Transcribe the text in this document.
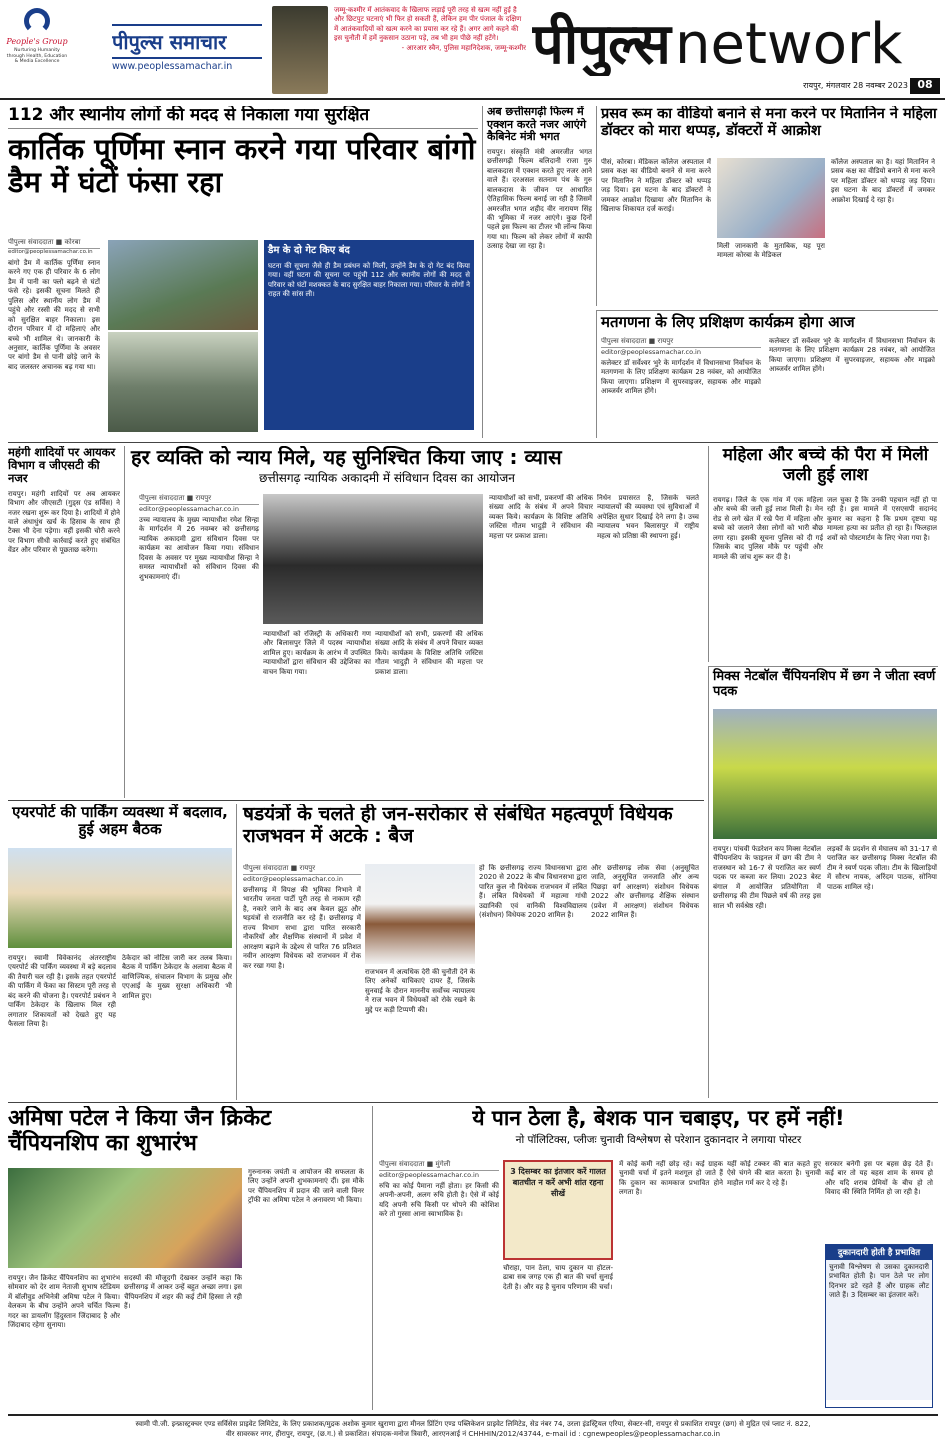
People's Group
Nurturing Humanity through Health, Education & Media Excellence
पीपुल्स समाचार
www.peoplessamachar.in
जम्मू-कश्मीर में आतंकवाद के खिलाफ लड़ाई पूरी तरह से खत्म नहीं हुई है और छिटपुट घटनाएं भी फिर हो सकती हैं, लेकिन हम पीर पंजाल के दक्षिण में आतंकवादियों को खत्म करने का प्रयास कर रहे हैं। अगर आगे कहने की इस चुनौती में हमें नुकसान उठाना पड़े, तब भी हम पीछे नहीं हटेंगे।
- आरआर स्वैन, पुलिस महानिदेशक, जम्मू-कश्मीर पीपुल्स network
रायपुर, मंगलवार 28 नवम्बर 2023 08
112 और स्थानीय लोगों की मदद से निकाला गया सुरक्षित
कार्तिक पूर्णिमा स्नान करने गया परिवार बांगो डैम में घंटों फंसा रहा
पीपुल्स संवाददाता ■ कोरबा
editor@peoplessamachar.co.in
बांगो डैम में कार्तिक पूर्णिमा स्नान करने गए एक ही परिवार के 6 लोग डैम में पानी का फ्लो बढ़ने से घंटों फंसे रहे। इसकी सूचना मिलते ही पुलिस और स्थानीय लोग डैम में पहुंचे और रस्सी की मदद से सभी को सुरक्षित बाहर निकाला। इस दौरान परिवार में दो महिलाएं और बच्चे भी शामिल थे। जानकारी के अनुसार, कार्तिक पूर्णिमा के अवसर पर बांगो डैम से पानी छोड़े जाने के बाद जलस्तर अचानक बढ़ गया था।
डैम के दो गेट किए बंद
घटना की सूचना जैसे ही डैम प्रबंधन को मिली, उन्होंने डैम के दो गेट बंद किया गया। वहीं घटना की सूचना पर पहुंची 112 और स्थानीय लोगों की मदद से परिवार को घंटों मशक्कत के बाद सुरक्षित बाहर निकाला गया। परिवार के लोगों ने राहत की सांस ली।
अब छत्तीसगढ़ी फिल्म में एक्शन करते नजर आएंगे कैबिनेट मंत्री भगत
रायपुर। संस्कृति मंत्री अमरजीत भगत छत्तीसगढ़ी फिल्म बलिदानी राजा गुरु बालकदास में एक्शन करते हुए नजर आने वाले हैं। दरअसल सतनाम पंथ के गुरु बालकदास के जीवन पर आधारित ऐतिहासिक फिल्म बनाई जा रही है जिसमें अमरजीत भगत शहीद वीर नारायण सिंह की भूमिका में नजर आएंगे। कुछ दिनों पहले इस फिल्म का टीजर भी लॉन्च किया गया था। फिल्म को लेकर लोगों में काफी उत्साह देखा जा रहा है।
प्रसव रूम का वीडियो बनाने से मना करने पर मितानिन ने महिला डॉक्टर को मारा थप्पड़, डॉक्टरों में आक्रोश
पीसं, कोरबा। मेडिकल कॉलेज अस्पताल में प्रसव कक्ष का वीडियो बनाने से मना करने पर मितानिन ने महिला डॉक्टर को थप्पड़ जड़ दिया। इस घटना के बाद डॉक्टरों ने जमकर आक्रोश दिखाया और मितानिन के खिलाफ शिकायत दर्ज कराई।
मिली जानकारी के मुताबिक, यह पूरा मामला कोरबा के मेडिकल
कॉलेज अस्पताल का है। यहां मितानिन ने प्रसव कक्ष का वीडियो बनाने से मना करने पर महिला डॉक्टर को थप्पड़ जड़ दिया। इस घटना के बाद डॉक्टरों में जमकर आक्रोश दिखाई दे रहा है।
मतगणना के लिए प्रशिक्षण कार्यक्रम होगा आज
पीपुल्स संवाददाता ■ रायपुर
editor@peoplessamachar.co.in
कलेक्टर डॉ सर्वेश्वर भुरे के मार्गदर्शन में विधानसभा निर्वाचन के मतगणना के लिए प्रशिक्षण कार्यक्रम 28 नवंबर, को आयोजित किया जाएगा। प्रशिक्षण में सुपरवाइजर, सहायक और माइक्रो आब्जर्वर शामिल होंगे।
कलेक्टर डॉ सर्वेश्वर भुरे के मार्गदर्शन में विधानसभा निर्वाचन के मतगणना के लिए प्रशिक्षण कार्यक्रम 28 नवंबर, को आयोजित किया जाएगा। प्रशिक्षण में सुपरवाइजर, सहायक और माइक्रो आब्जर्वर शामिल होंगे।
महंगी शादियों पर आयकर विभाग व जीएसटी की नजर
रायपुर। महंगी शादियों पर अब आयकर विभाग और जीएसटी (गुड्स एंड सर्विस) ने नजर रखना शुरू कर दिया है। शादियों में होने वाले अंधाधुंध खर्च के हिसाब के साथ ही टैक्स भी देना पड़ेगा। वहीं इसकी चोरी करने पर विभाग सीधी कार्रवाई करते हुए संबंधित वेंडर और परिवार से पूछताछ करेगा।
हर व्यक्ति को न्याय मिले, यह सुनिश्चित किया जाए : व्यास
छत्तीसगढ़ न्यायिक अकादमी में संविधान दिवस का आयोजन
पीपुल्स संवाददाता ■ रायपुर
editor@peoplessamachar.co.in
उच्च न्यायालय के मुख्य न्यायाधीश रमेश सिन्हा के मार्गदर्शन में 26 नवम्बर को छत्तीसगढ़ न्यायिक अकादमी द्वारा संविधान दिवस पर कार्यक्रम का आयोजन किया गया। संविधान दिवस के अवसर पर मुख्य न्यायाधीश सिन्हा ने समस्त न्यायाधीशों को संविधान दिवस की शुभकामनाएं दीं।
न्यायाधीशों को रजिस्ट्री के अधिकारी गण और बिलासपुर जिले में पदस्थ न्यायाधीश शामिल हुए। कार्यक्रम के आरंभ में उपस्थित न्यायाधीशों द्वारा संविधान की उद्देशिका का वाचन किया गया।
न्यायाधीशों को सभी, प्रकरणों की अधिक संख्या आदि के संबंध में अपने विचार व्यक्त किये। कार्यक्रम के विशिष्ट अतिथि जस्टिस गौतम भादुड़ी ने संविधान की महत्ता पर प्रकाश डाला।
न्यायाधीशों को सभी, प्रकरणों की अधिक संख्या आदि के संबंध में अपने विचार व्यक्त किये। कार्यक्रम के विशिष्ट अतिथि जस्टिस गौतम भादुड़ी ने संविधान की महत्ता पर प्रकाश डाला।
निर्धन प्रयासरत है, जिसके चलते न्यायालयों की व्यवस्था एवं सुविधाओं में अपेक्षित सुधार दिखाई देने लगा है। उच्च न्यायालय भवन बिलासपुर में राष्ट्रीय महत्व को प्रतिष्ठा की स्थापना हुई।
महिला और बच्चे की पैरा में मिली जली हुई लाश
रायगढ़। जिले के एक गांव में एक महिला और बच्चे की जली हुई लाश मिली है। मेन रोड से लगे खेत में रखे पैरा में महिला और बच्चे को जलाने जैसा लोगों को भारी बौछ लगा रहा। इसकी सूचना पुलिस को दी गई जिसके बाद पुलिस मौके पर पहुंची और मामले की जांच शुरू कर दी है।
जल चुका है कि उनकी पहचान नहीं हो पा रही है। इस मामले में एसएसपी सदानंद कुमार का कहना है कि प्रथम दृष्टया यह मामला हत्या का प्रतीत हो रहा है। फिलहाल शवों को पोस्टमार्टम के लिए भेजा गया है।
मिक्स नेटबॉल चैंपियनशिप में छग ने जीता स्वर्ण पदक
रायपुर। पांचवी फेडरेशन कप मिक्स नेटबॉल चैंपियनशिप के फाइनल में छग की टीम ने राजस्थान को 16-7 से पराजित कर स्वर्ण पदक पर कब्जा कर लिया। 2023 बेस्ट बंगाल में आयोजित प्रतियोगिता में छत्तीसगढ़ की टीम पिछले वर्ष की तरह इस साल भी सर्वश्रेष्ठ रही।
लड़कों के प्रदर्शन से मेघालय को 31-17 से पराजित कर छत्तीसगढ़ मिक्स नेटबॉल की टीम ने स्वर्ण पदक जीता। टीम के खिलाड़ियों में सौरभ नायक, अरिंदम पाठक, सोनिया पाठक शामिल रहे।
एयरपोर्ट की पार्किंग व्यवस्था में बदलाव, हुई अहम बैठक
रायपुर। स्वामी विवेकानंद अंतरराष्ट्रीय एयरपोर्ट की पार्किंग व्यवस्था में बड़े बदलाव की तैयारी चल रही है। इसके तहत एयरपोर्ट की पार्किंग में फेंका का सिस्टम पूरी तरह से बंद करने की योजना है। एयरपोर्ट प्रबंधन ने पार्किंग ठेकेदार के खिलाफ मिल रही लगातार शिकायतों को देखते हुए यह फैसला लिया है।
ठेकेदार को नोटिस जारी कर तलब किया। बैठक में पार्किंग ठेकेदार के अलावा बैठक में वाणिज्यिक, संचालन विभाग के प्रमुख और एएआई के मुख्य सुरक्षा अधिकारी भी शामिल हुए।
षडयंत्रों के चलते ही जन-सरोकार से संबंधित महत्वपूर्ण विधेयक राजभवन में अटके : बैज
पीपुल्स संवाददाता ■ रायपुर
editor@peoplessamachar.co.in
छत्तीसगढ़ में विपक्ष की भूमिका निभाने में भारतीय जनता पार्टी पूरी तरह से नाकाम रही है, नकारे जाने के बाद अब केवल झूठ और षड़यंत्रों से राजनीति कर रहे हैं। छत्तीसगढ़ में राज्य विभाग सभा द्वारा पारित सरकारी नौकरियों और शैक्षणिक संस्थानों में प्रवेश में आरक्षण बढ़ाने के उद्देश्य से पारित 76 प्रतिशत नवीन आरक्षण विधेयक को राजभवन में रोक कर रखा गया है।
राजभवन में अत्यधिक देरी की चुनौती देने के लिए अनेकों याचिकाएं दायर हैं, जिसके सुनवाई के दौरान माननीय सर्वोच्च न्यायालय ने राज भवन में विधेयकों को रोके रखने के मुद्दे पर कड़ी टिप्पणी की।
हो कि छत्तीसगढ़ राज्य विधानसभा द्वारा 2020 से 2022 के बीच विधानसभा द्वारा पारित कुल नौ विधेयक राजभवन में लंबित हैं। लंबित विधेयकों में महात्मा गांधी उद्यानिकी एवं वानिकी विश्वविद्यालय (संशोधन) विधेयक 2020 शामिल है।
और छत्तीसगढ़ लोक सेवा (अनुसूचित जाति, अनुसूचित जनजाति और अन्य पिछड़ा वर्ग आरक्षण) संशोधन विधेयक 2022 और छत्तीसगढ़ शैक्षिक संस्थान (प्रवेश में आरक्षण) संशोधन विधेयक 2022 शामिल हैं।
अमिषा पटेल ने किया जैन क्रिकेट चैंपियनशिप का शुभारंभ
रायपुर। जैन क्रिकेट चैंपियनशिप का शुभारंभ सोमवार को देर शाम नेताजी सुभाष स्टेडियम में बॉलीवुड अभिनेत्री अमिषा पटेल ने किया। वेलकम के बीच उन्होंने अपने चर्चित फिल्म गदर का डायलॉग हिंदुस्तान जिंदाबाद है और जिंदाबाद रहेगा सुनाया।
सदस्यों की मौजूदगी देखकर उन्होंने कहा कि छत्तीसगढ़ में आकर उन्हें बहुत अच्छा लगा। इस चैंपियनशिप में शहर की कई टीमें हिस्सा ले रही हैं।
गुरुनानक जयंती व आयोजन की सफलता के लिए उन्होंने अपनी शुभकामनाएं दीं। इस मौके पर चैंपियनशिप में प्रदान की जाने वाली विनर ट्रॉफी का अमिषा पटेल ने अनावरण भी किया।
ये पान ठेला है, बेशक पान चबाइए, पर हमें नहीं!
नो पॉलिटिक्स, प्लीजः चुनावी विश्लेषण से परेशान दुकानदार ने लगाया पोस्टर
पीपुल्स संवाददाता ■ मुंगेली
editor@peoplessamachar.co.in
रुचि का कोई पैमाना नहीं होता। हर किसी की अपनी-अपनी, अलग रुचि होती है। ऐसे में कोई यदि अपनी रुचि किसी पर थोपने की कोशिश करे तो गुस्सा आना स्वाभाविक है।
3 दिसम्बर का इंतजार करें गालत बातचीत न करें अभी शांत रहना सीखें
चौराहा, पान ठेला, चाय दुकान या होटल-ढाबा सब जगह एक ही बात की चर्चा सुनाई देती है। और वह है चुनाव परिणाम की चर्चा।
में कोई कमी नहीं छोड़ रहे। कई ग्राहक चुनावी चर्चा में इतने मशगूल हो जाते हैं कि दुकान का कामकाज प्रभावित होने लगता है।
यहीं कोई टक्कर की बात कहते हुए ऐसे चंगने की बात करता है। चुनावी माहौल गर्म कर दे रहे हैं।
सरकार बनेगी इस पर बहस छेड़ देते हैं। कई बार तो यह बहस शाम के समय हो और यदि शराब प्रेमियों के बीच हो तो विवाद की स्थिति निर्मित हो जा रही है।
दुकानदारी होती है प्रभावित
चुनावी विश्लेषण से उसका दुकानदारी प्रभावित होती है। पान ठेले पर लोग दिनभर डटे रहते हैं और ग्राहक लौट जाते हैं। 3 दिसम्बर का इंतजार करें।
स्वामी पी.जी. इन्फ्रास्ट्रक्चर एण्ड सर्विसेस प्राइवेट लिमिटेड, के लिए प्रकाशक/मुद्रक अशोक कुमार खुराणा द्वारा मीनल प्रिंटिंग एण्ड पब्लिकेशन प्राइवेट लिमिटेड, सेड नंबर 74, उरला इंडस्ट्रियल एरिया, सेक्टर-सी, रायपुर से प्रकाशित रायपुर (छग) से मुद्रित एवं प्लाट नं. 822,
वीर सावरकर नगर, हीरापुर, रायपुर, (छ.ग.) से प्रकाशित। संपादक-मनोज त्रिवारी, आरएनआई नं CHHHIN/2012/43744, e-mail id : cgnewpeoples@peoplessamachar.co.in
